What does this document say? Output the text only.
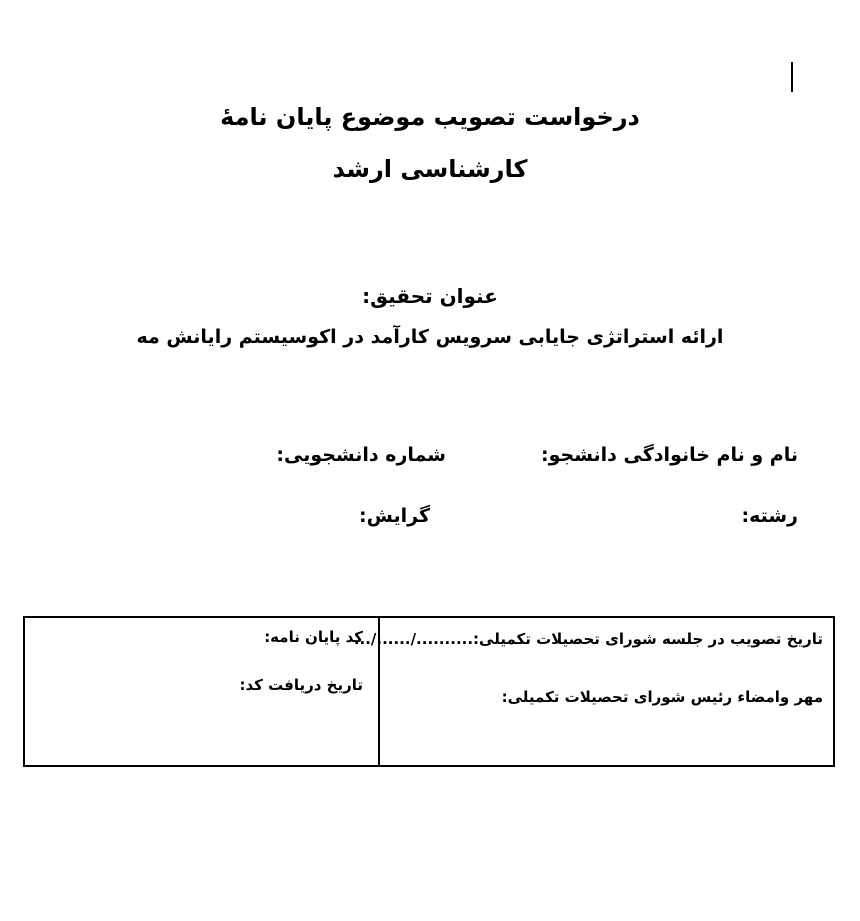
درخواست تصویب موضوع پایان نامهٔ
کارشناسی ارشد
عنوان تحقیق:
ارائه استراتژی جایابی سرویس کارآمد در اکوسیستم رایانش مه
نام و نام خانوادگی دانشجو:
شماره دانشجویی:
رشته:
گرایش:
تاریخ تصویب در جلسه شورای تحصیلات تکمیلی:........../....../...
مهر وامضاء رئیس شورای تحصیلات تکمیلی:
کد پایان نامه:
تاریخ دریافت کد:
